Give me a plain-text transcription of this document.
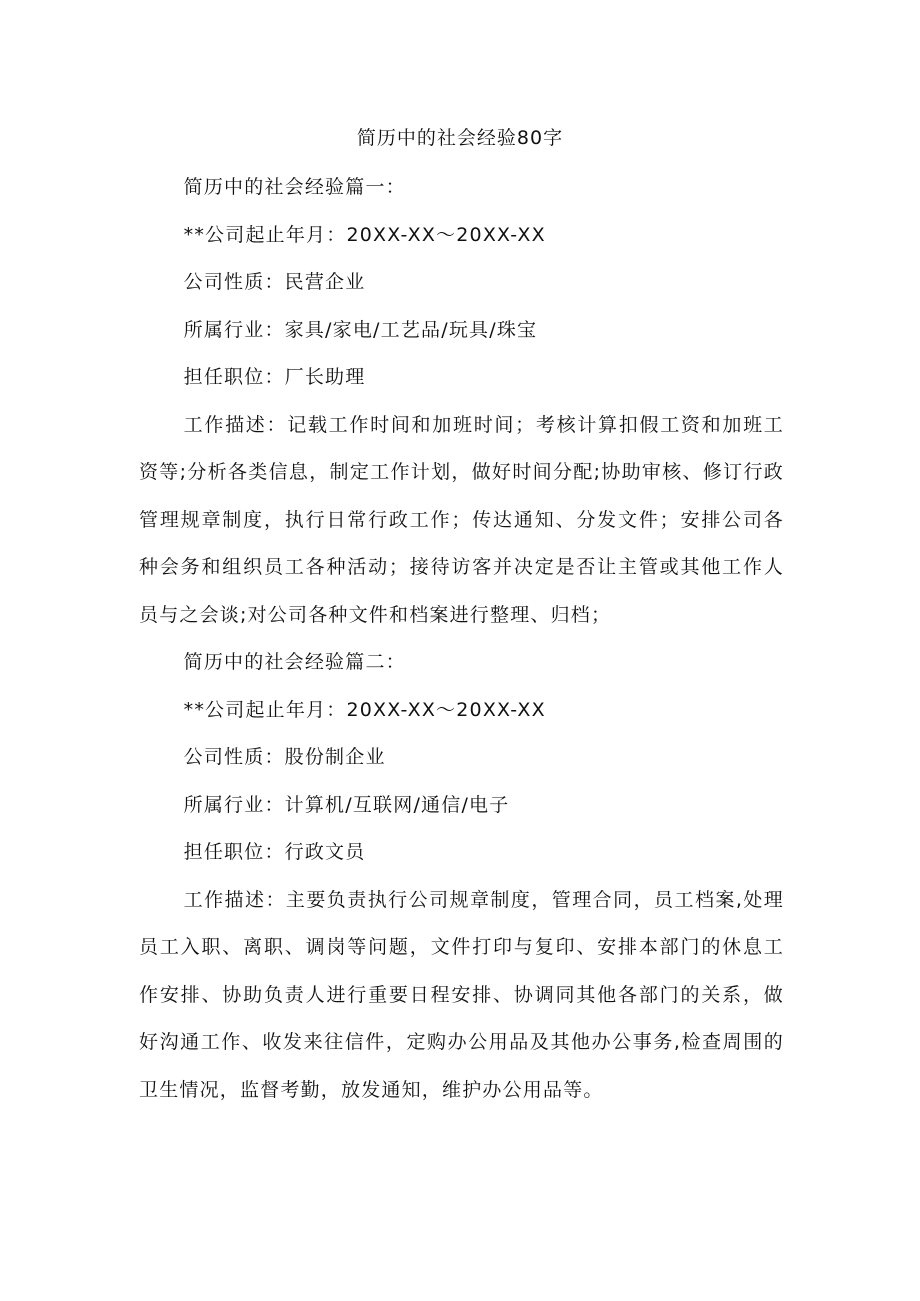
简历中的社会经验80字

简历中的社会经验篇一：

**公司起止年月：20XX-XX～20XX-XX

公司性质：民营企业

所属行业：家具/家电/工艺品/玩具/珠宝

担任职位：厂长助理

工作描述：记载工作时间和加班时间；考核计算扣假工资和加班工资等;分析各类信息，制定工作计划，做好时间分配;协助审核、修订行政管理规章制度，执行日常行政工作；传达通知、分发文件；安排公司各种会务和组织员工各种活动；接待访客并决定是否让主管或其他工作人员与之会谈;对公司各种文件和档案进行整理、归档；

简历中的社会经验篇二：

**公司起止年月：20XX-XX～20XX-XX

公司性质：股份制企业

所属行业：计算机/互联网/通信/电子

担任职位：行政文员

工作描述：主要负责执行公司规章制度，管理合同，员工档案,处理员工入职、离职、调岗等问题，文件打印与复印、安排本部门的休息工作安排、协助负责人进行重要日程安排、协调同其他各部门的关系，做好沟通工作、收发来往信件，定购办公用品及其他办公事务,检查周围的卫生情况，监督考勤，放发通知，维护办公用品等。
